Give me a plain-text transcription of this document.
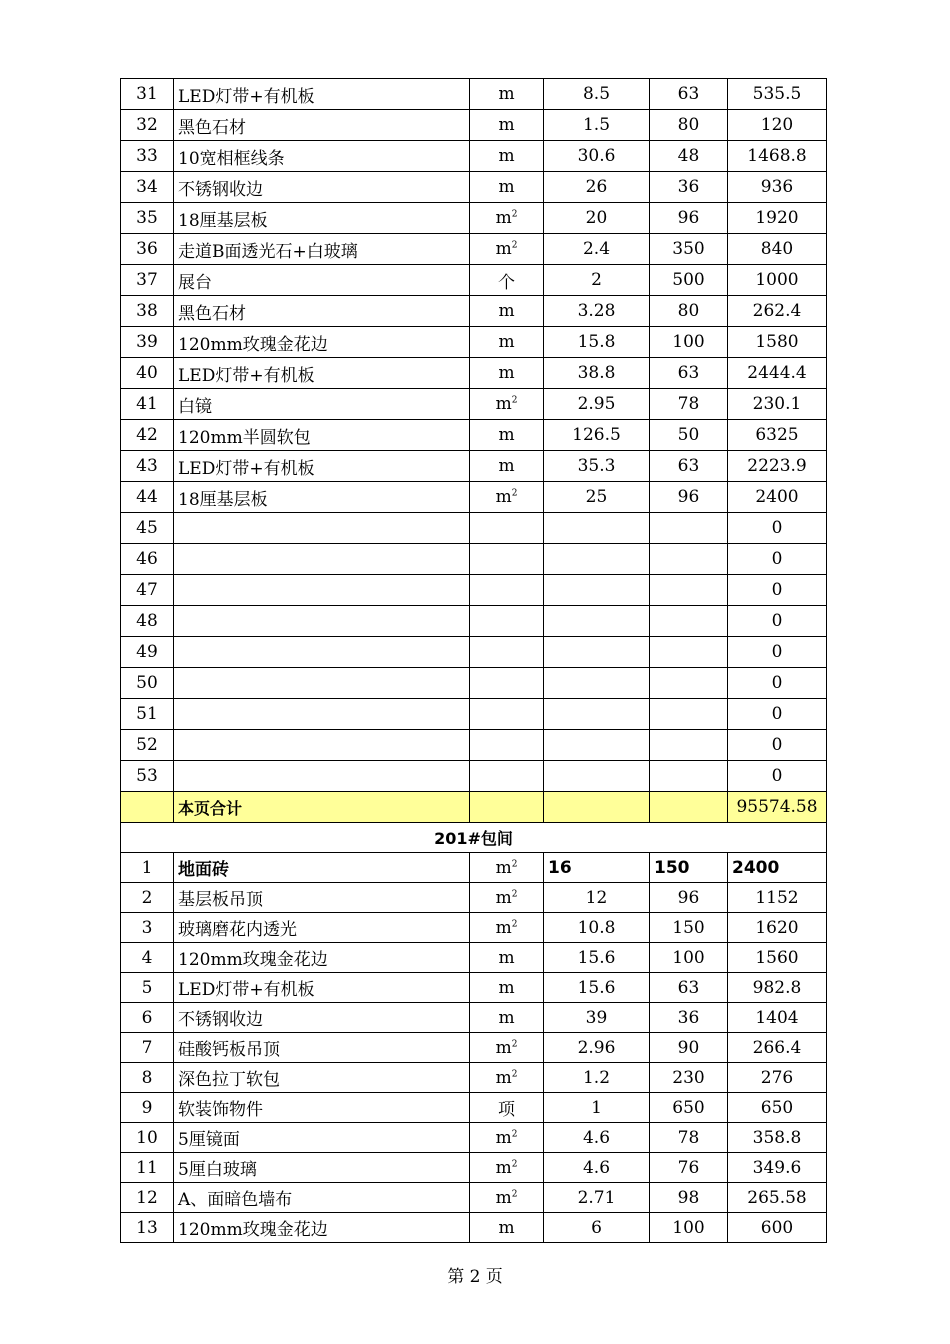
31	LED灯带+有机板	m	8.5	63	535.5
32	黑色石材	m	1.5	80	120
33	10宽相框线条	m	30.6	48	1468.8
34	不锈钢收边	m	26	36	936
35	18厘基层板	$m^2$	20	96	1920
36	走道B面透光石+白玻璃	$m^2$	2.4	350	840
37	展台	个	2	500	1000
38	黑色石材	m	3.28	80	262.4
39	120mm玫瑰金花边	m	15.8	100	1580
40	LED灯带+有机板	m	38.8	63	2444.4
41	白镜	$m^2$	2.95	78	230.1
42	120mm半圆软包	m	126.5	50	6325
43	LED灯带+有机板	m	35.3	63	2223.9
44	18厘基层板	$m^2$	25	96	2400
45					0
46					0
47					0
48					0
49					0
50					0
51					0
52					0
53					0
	本页合计				95574.58
201#包间					
1	地面砖	$m^2$	16	150	2400
2	基层板吊顶	$m^2$	12	96	1152
3	玻璃磨花内透光	$m^2$	10.8	150	1620
4	120mm玫瑰金花边	m	15.6	100	1560
5	LED灯带+有机板	m	15.6	63	982.8
6	不锈钢收边	m	39	36	1404
7	硅酸钙板吊顶	$m^2$	2.96	90	266.4
8	深色拉丁软包	$m^2$	1.2	230	276
9	软装饰物件	项	1	650	650
10	5厘镜面	$m^2$	4.6	78	358.8
11	5厘白玻璃	$m^2$	4.6	76	349.6
12	A、面暗色墙布	$m^2$	2.71	98	265.58
13	120mm玫瑰金花边	m	6	100	600
第 2 页
